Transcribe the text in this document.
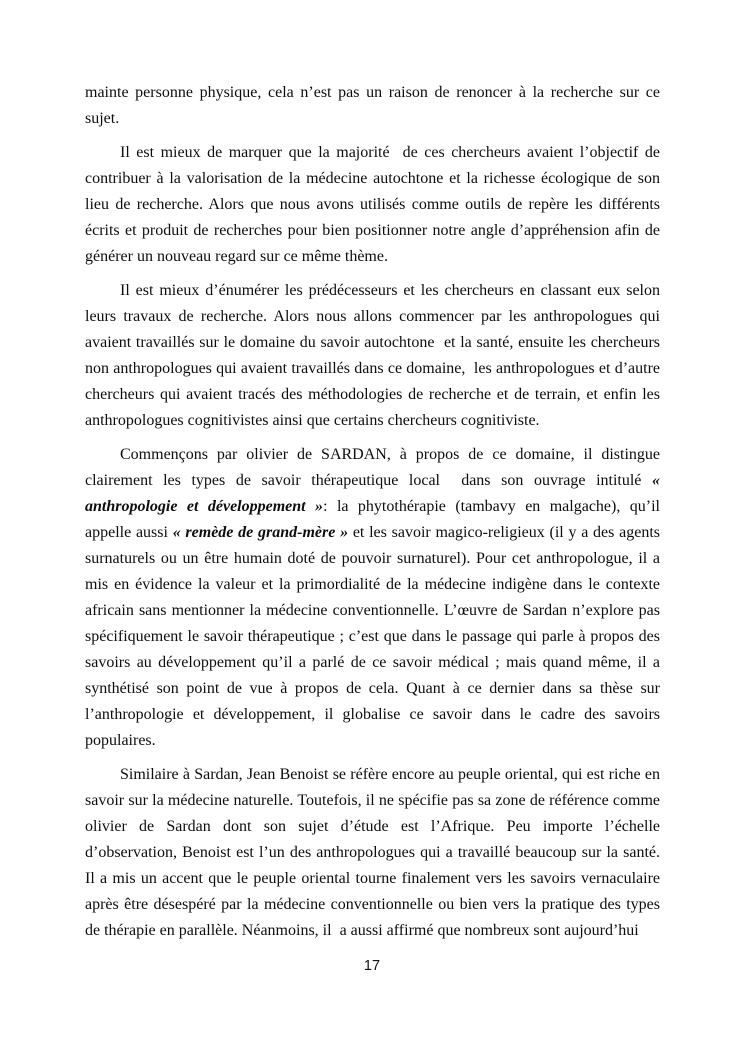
mainte personne physique, cela n’est pas un raison de renoncer à la recherche sur ce sujet.

Il est mieux de marquer que la majorité  de ces chercheurs avaient l’objectif de contribuer à la valorisation de la médecine autochtone et la richesse écologique de son lieu de recherche. Alors que nous avons utilisés comme outils de repère les différents écrits et produit de recherches pour bien positionner notre angle d’appréhension afin de générer un nouveau regard sur ce même thème.

Il est mieux d’énumérer les prédécesseurs et les chercheurs en classant eux selon leurs travaux de recherche. Alors nous allons commencer par les anthropologues qui avaient travaillés sur le domaine du savoir autochtone  et la santé, ensuite les chercheurs non anthropologues qui avaient travaillés dans ce domaine,  les anthropologues et d’autre chercheurs qui avaient tracés des méthodologies de recherche et de terrain, et enfin les  anthropologues cognitivistes ainsi que certains chercheurs cognitiviste.

Commençons par olivier de SARDAN, à propos de ce domaine, il distingue clairement les types de savoir thérapeutique local  dans son ouvrage intitulé « anthropologie et développement »: la phytothérapie (tambavy en malgache), qu’il appelle aussi « remède de grand-mère » et les savoir magico-religieux (il y a des agents surnaturels ou un être humain doté de pouvoir surnaturel). Pour cet anthropologue, il a mis en évidence la valeur et la primordialité de la médecine indigène dans le contexte africain sans mentionner la médecine conventionnelle. L’œuvre de Sardan n’explore pas spécifiquement le savoir thérapeutique ; c’est que dans le passage qui parle à propos des savoirs au développement qu’il a parlé de ce savoir médical ; mais quand même, il a synthétisé son point de vue à propos de cela. Quant à ce dernier dans sa thèse sur l’anthropologie et développement, il globalise ce savoir dans le cadre des savoirs populaires.

Similaire à Sardan, Jean Benoist se réfère encore au peuple oriental, qui est riche en savoir sur la médecine naturelle. Toutefois, il ne spécifie pas sa zone de référence comme olivier de Sardan dont son sujet d’étude est l’Afrique. Peu importe l’échelle d’observation, Benoist est l’un des anthropologues qui a travaillé beaucoup sur la santé. Il a mis un accent que le peuple oriental tourne finalement vers les savoirs vernaculaire après être désespéré par la médecine conventionnelle ou bien vers la pratique des types de thérapie en parallèle. Néanmoins, il  a aussi affirmé que nombreux sont aujourd’hui

17
